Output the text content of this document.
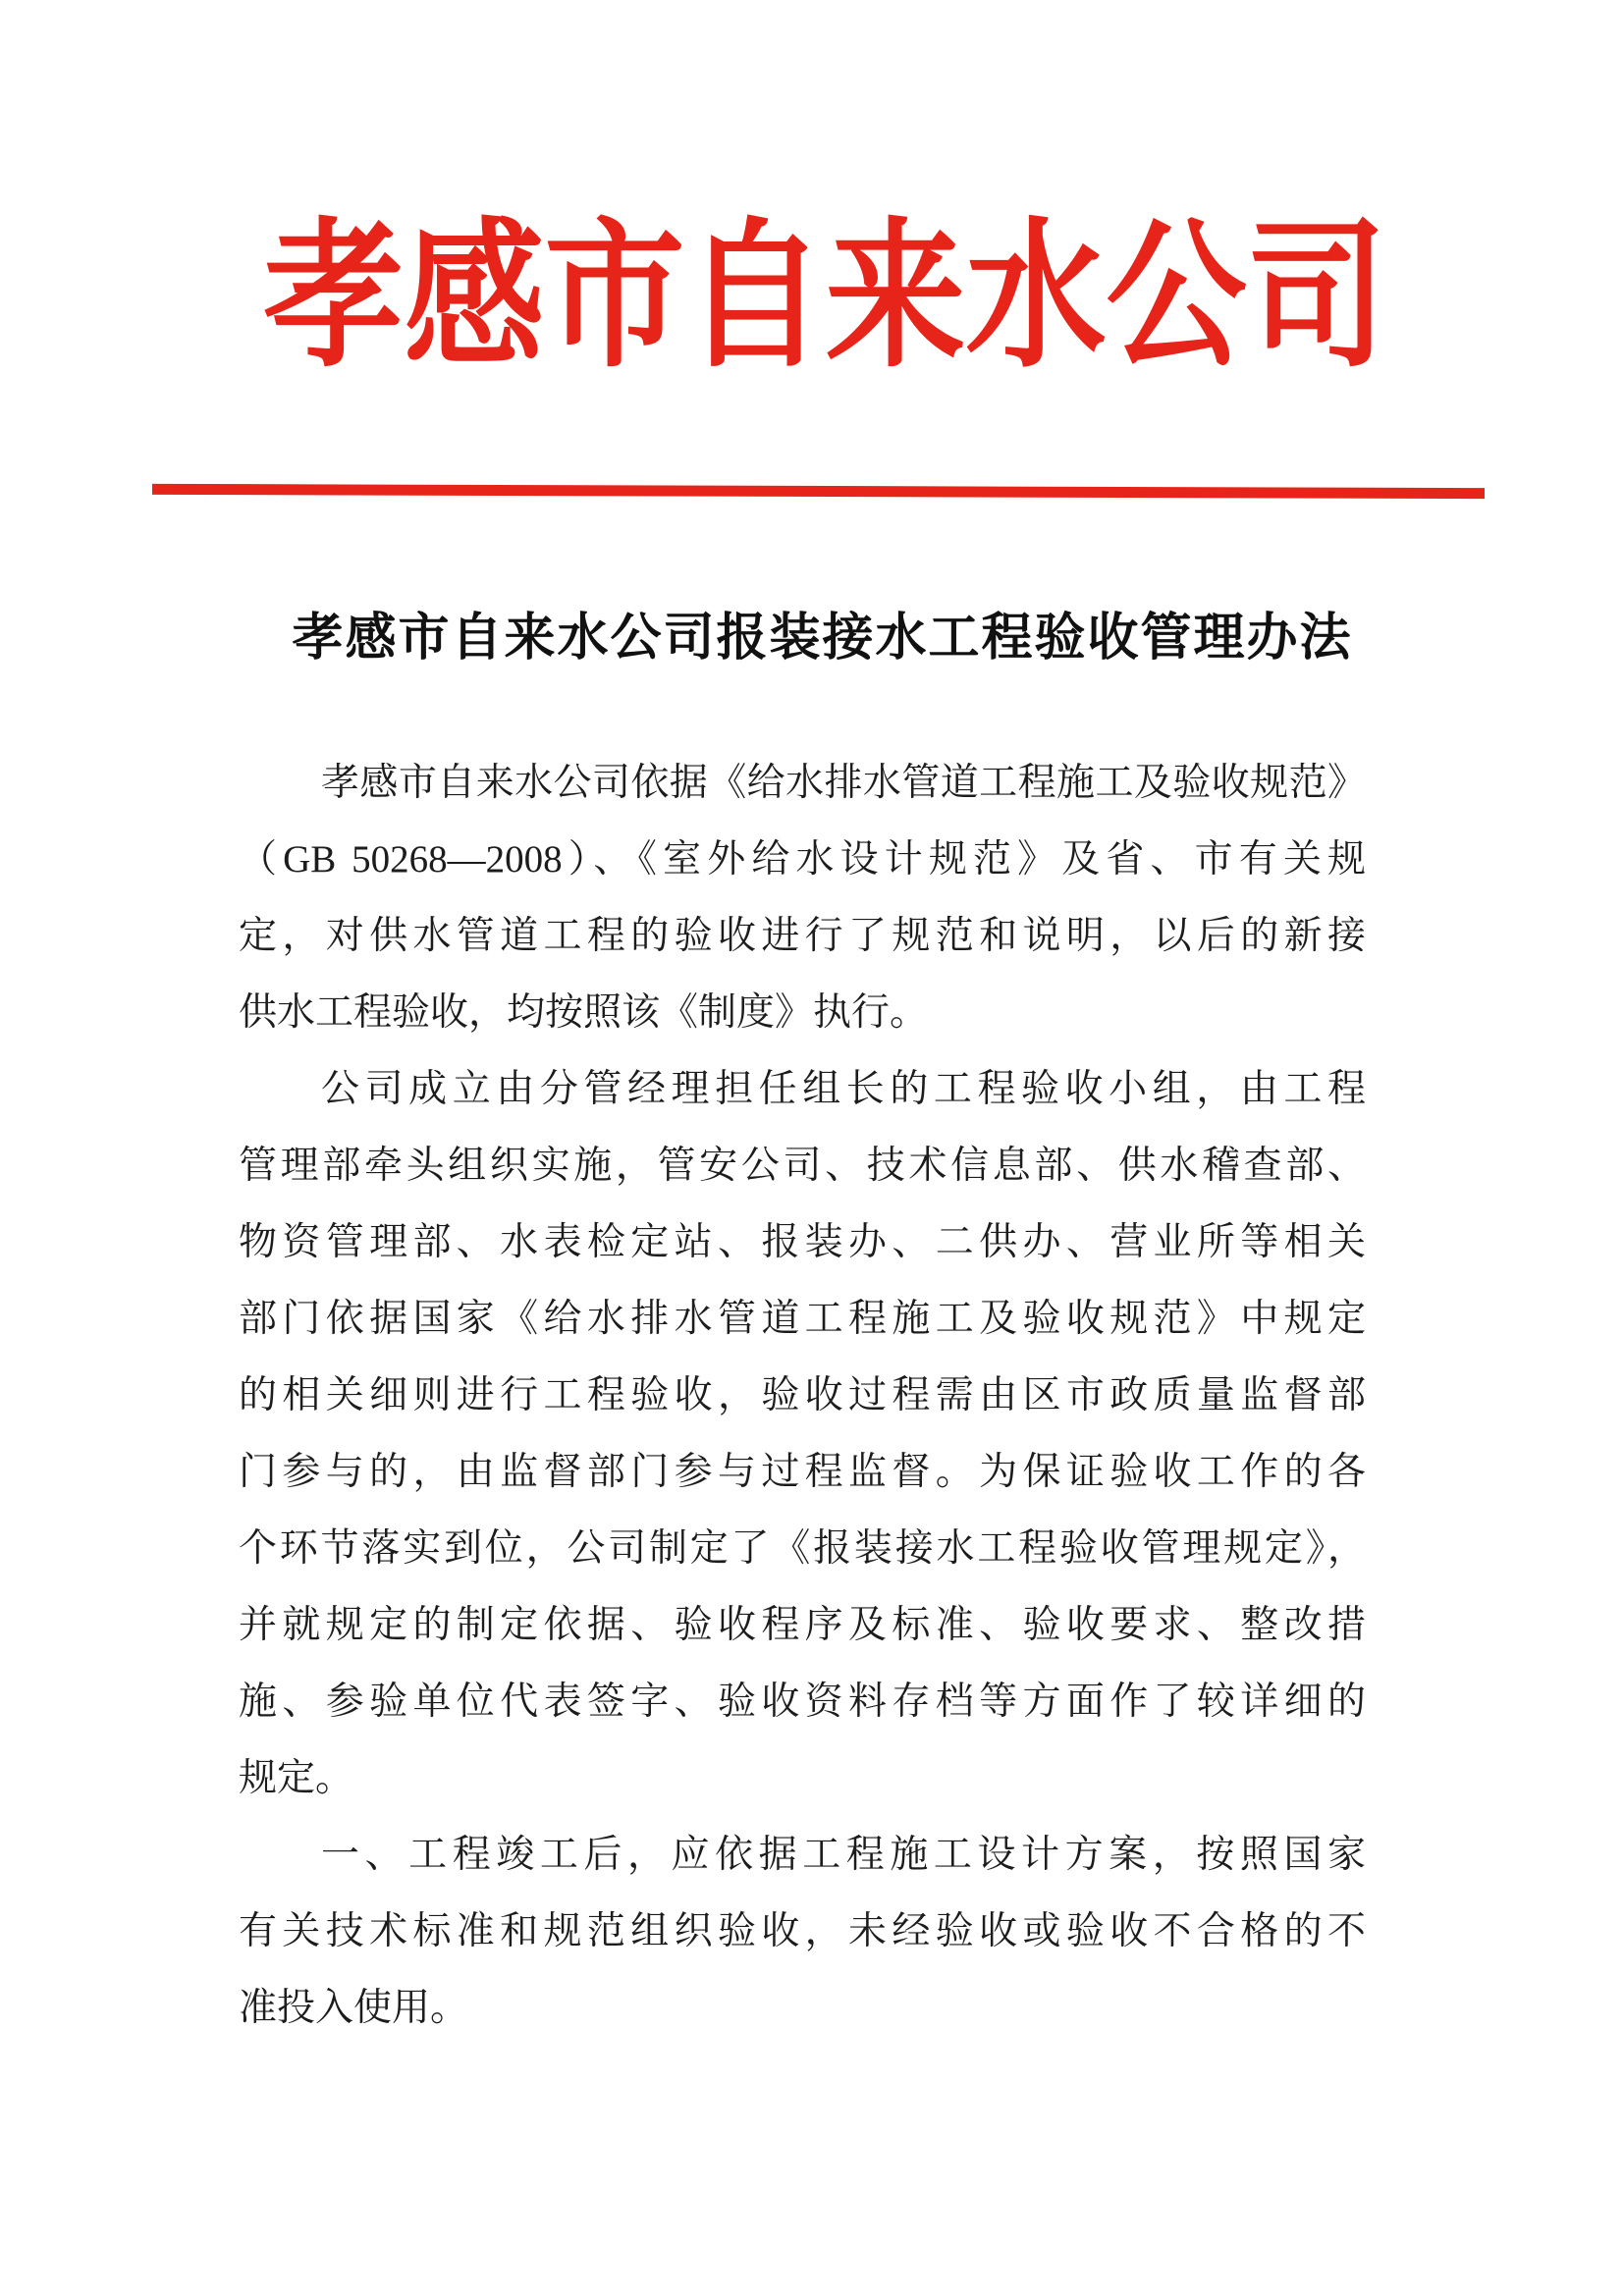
孝感市自来水公司
孝感市自来水公司报装接水工程验收管理办法
孝感市自来水公司依据《给水排水管道工程施工及验收规范》
（GB 50268—2008）、《室外给水设计规范》及省、市有关规
定，对供水管道工程的验收进行了规范和说明，以后的新接
供水工程验收，均按照该《制度》执行。
公司成立由分管经理担任组长的工程验收小组，由工程
管理部牵头组织实施，管安公司、技术信息部、供水稽查部、
物资管理部、水表检定站、报装办、二供办、营业所等相关
部门依据国家《给水排水管道工程施工及验收规范》中规定
的相关细则进行工程验收，验收过程需由区市政质量监督部
门参与的，由监督部门参与过程监督。为保证验收工作的各
个环节落实到位，公司制定了《报装接水工程验收管理规定》，
并就规定的制定依据、验收程序及标准、验收要求、整改措
施、参验单位代表签字、验收资料存档等方面作了较详细的
规定。
一、工程竣工后，应依据工程施工设计方案，按照国家
有关技术标准和规范组织验收，未经验收或验收不合格的不
准投入使用。
